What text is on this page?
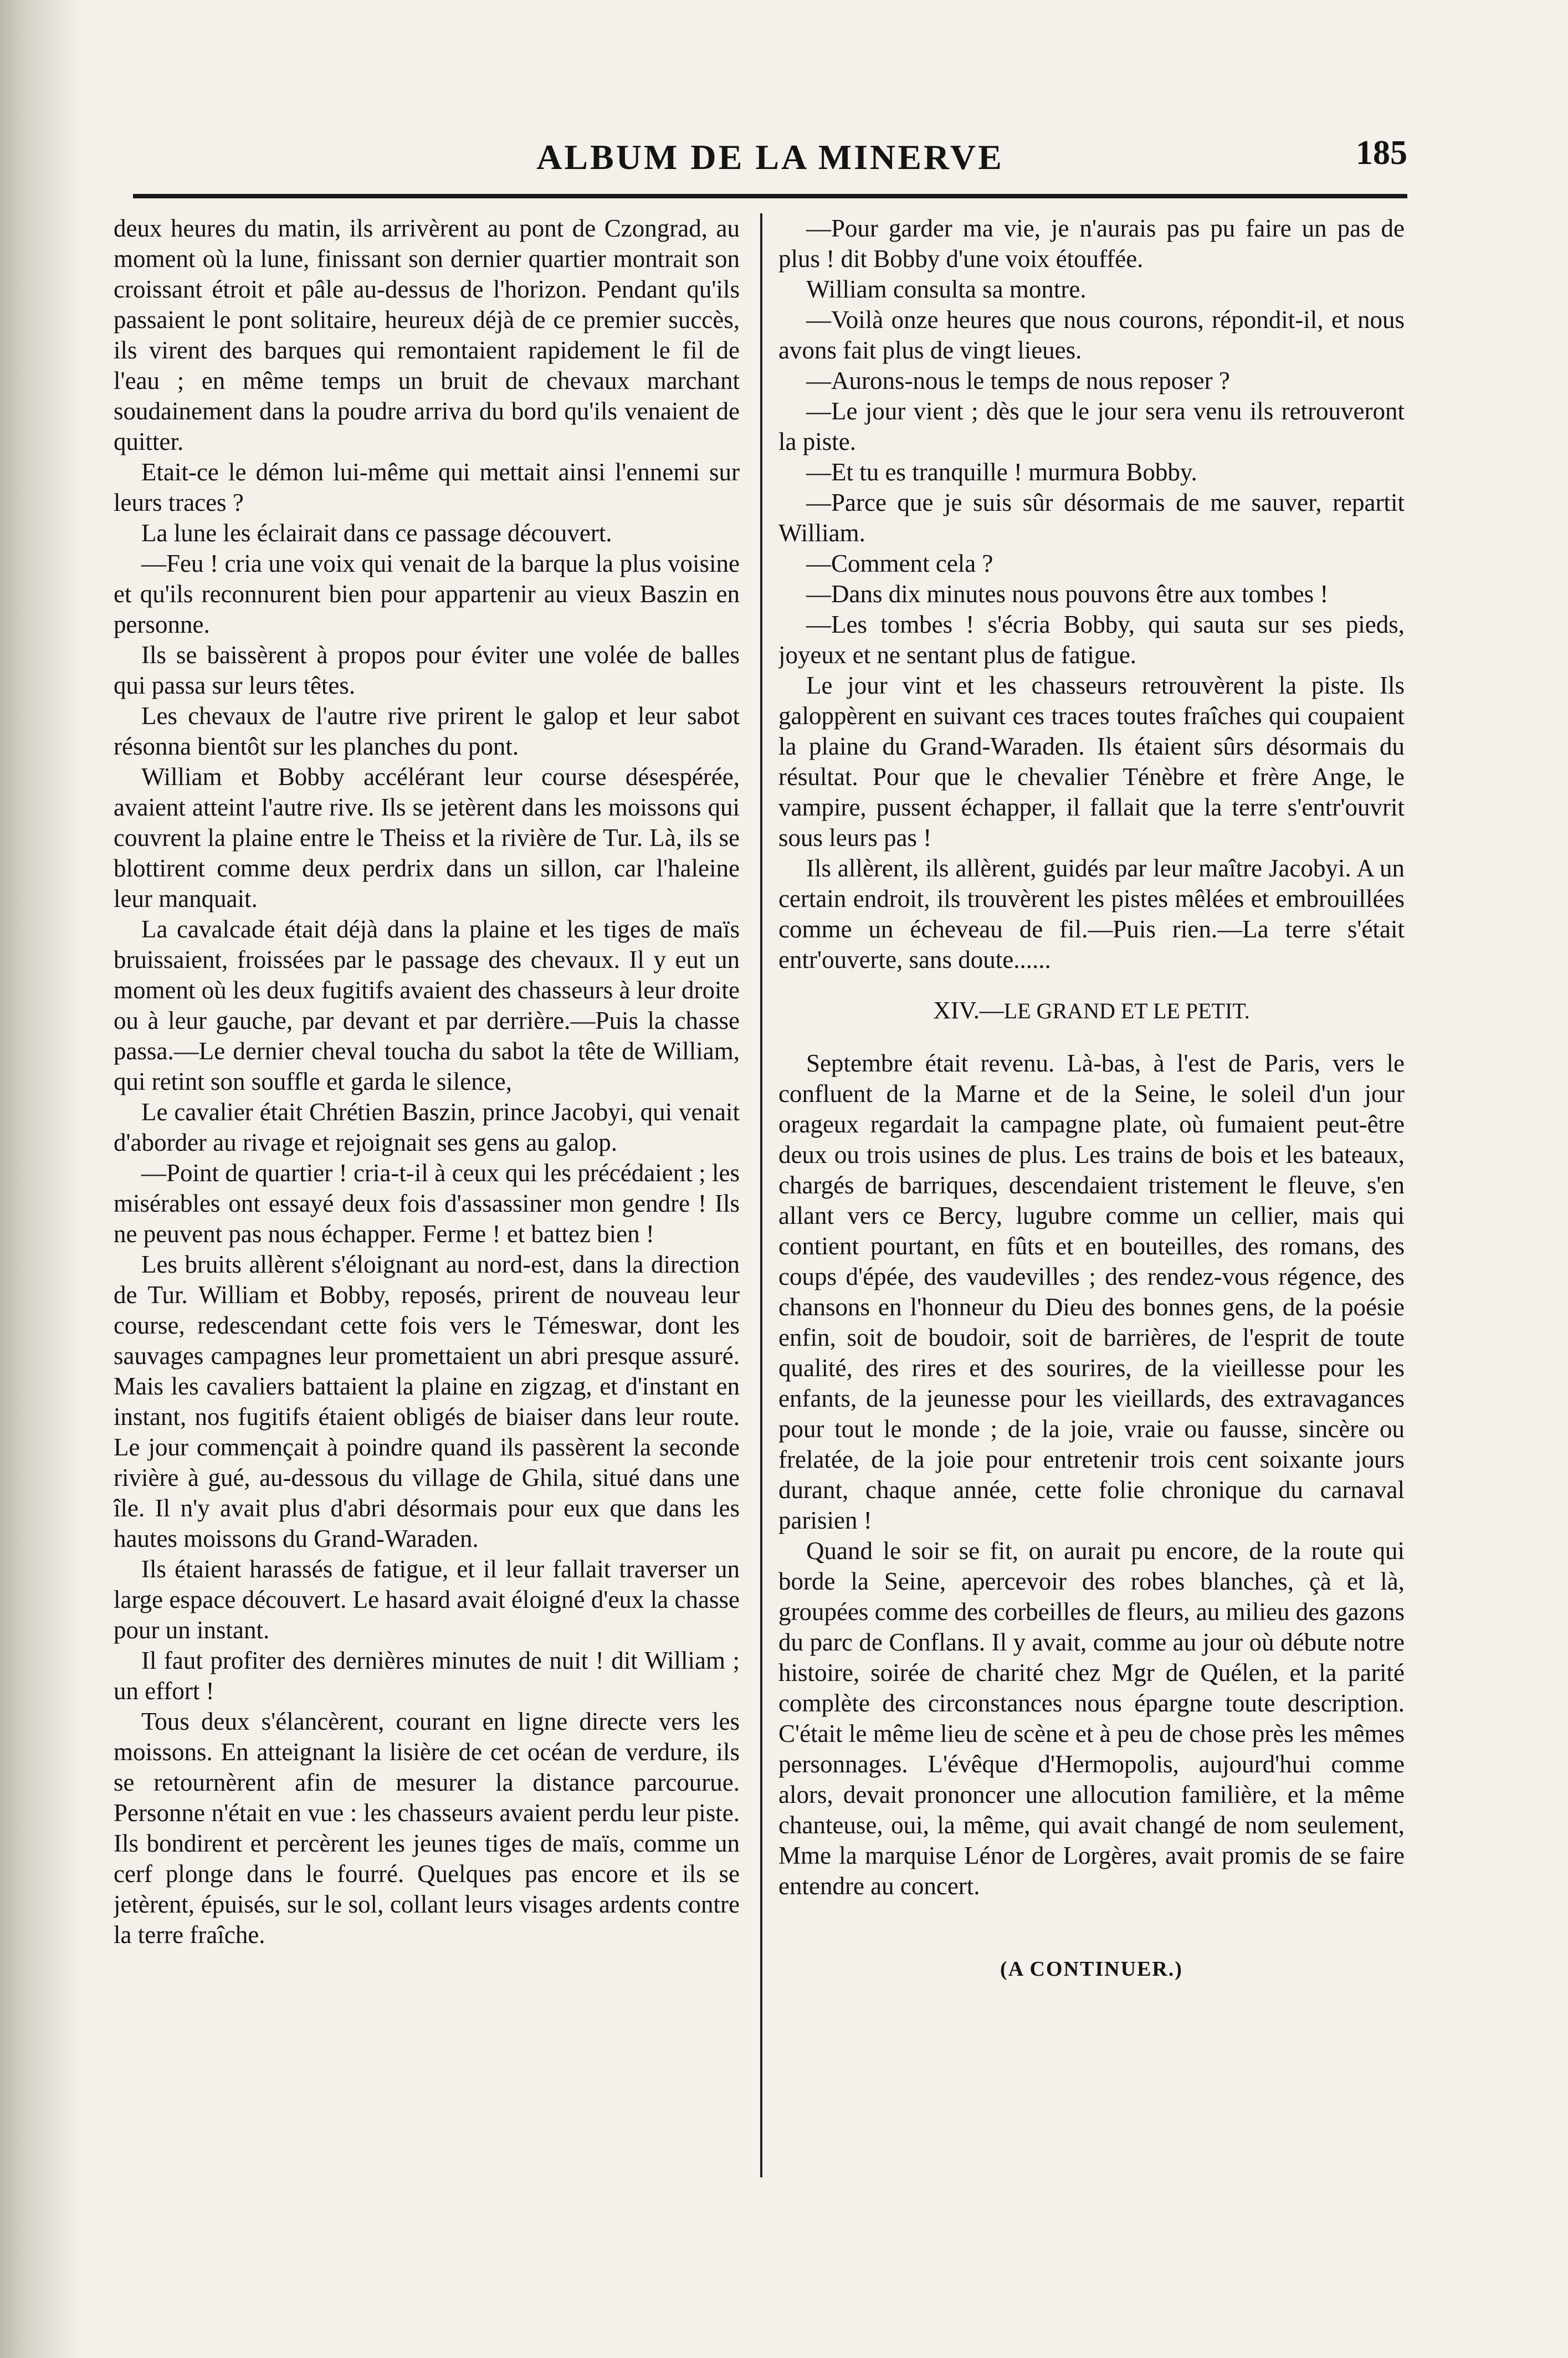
ALBUM DE LA MINERVE	185

deux heures du matin, ils arrivèrent au pont de Czongrad, au moment où la lune, finissant son dernier quartier montrait son croissant étroit et pâle au-dessus de l'horizon. Pendant qu'ils passaient le pont solitaire, heureux déjà de ce premier succès, ils virent des barques qui remontaient rapidement le fil de l'eau ; en même temps un bruit de chevaux marchant soudainement dans la poudre arriva du bord qu'ils venaient de quitter.

Etait-ce le démon lui-même qui mettait ainsi l'ennemi sur leurs traces ?

La lune les éclairait dans ce passage découvert.

—Feu ! cria une voix qui venait de la barque la plus voisine et qu'ils reconnurent bien pour appartenir au vieux Baszin en personne.

Ils se baissèrent à propos pour éviter une volée de balles qui passa sur leurs têtes.

Les chevaux de l'autre rive prirent le galop et leur sabot résonna bientôt sur les planches du pont.

William et Bobby accélérant leur course désespérée, avaient atteint l'autre rive. Ils se jetèrent dans les moissons qui couvrent la plaine entre le Theiss et la rivière de Tur. Là, ils se blottirent comme deux perdrix dans un sillon, car l'haleine leur manquait.

La cavalcade était déjà dans la plaine et les tiges de maïs bruissaient, froissées par le passage des chevaux. Il y eut un moment où les deux fugitifs avaient des chasseurs à leur droite ou à leur gauche, par devant et par derrière.—Puis la chasse passa.—Le dernier cheval toucha du sabot la tête de William, qui retint son souffle et garda le silence,

Le cavalier était Chrétien Baszin, prince Jacobyi, qui venait d'aborder au rivage et rejoignait ses gens au galop.

—Point de quartier ! cria-t-il à ceux qui les précédaient ; les misérables ont essayé deux fois d'assassiner mon gendre ! Ils ne peuvent pas nous échapper. Ferme ! et battez bien !

Les bruits allèrent s'éloignant au nord-est, dans la direction de Tur. William et Bobby, reposés, prirent de nouveau leur course, redescendant cette fois vers le Témeswar, dont les sauvages campagnes leur promettaient un abri presque assuré. Mais les cavaliers battaient la plaine en zigzag, et d'instant en instant, nos fugitifs étaient obligés de biaiser dans leur route. Le jour commençait à poindre quand ils passèrent la seconde rivière à gué, au-dessous du village de Ghila, situé dans une île. Il n'y avait plus d'abri désormais pour eux que dans les hautes moissons du Grand-Waraden.

Ils étaient harassés de fatigue, et il leur fallait traverser un large espace découvert. Le hasard avait éloigné d'eux la chasse pour un instant.

Il faut profiter des dernières minutes de nuit ! dit William ; un effort !

Tous deux s'élancèrent, courant en ligne directe vers les moissons. En atteignant la lisière de cet océan de verdure, ils se retournèrent afin de mesurer la distance parcourue. Personne n'était en vue : les chasseurs avaient perdu leur piste. Ils bondirent et percèrent les jeunes tiges de maïs, comme un cerf plonge dans le fourré. Quelques pas encore et ils se jetèrent, épuisés, sur le sol, collant leurs visages ardents contre la terre fraîche.

—Pour garder ma vie, je n'aurais pas pu faire un pas de plus ! dit Bobby d'une voix étouffée.

William consulta sa montre.

—Voilà onze heures que nous courons, répondit-il, et nous avons fait plus de vingt lieues.

—Aurons-nous le temps de nous reposer ?

—Le jour vient ; dès que le jour sera venu ils retrouveront la piste.

—Et tu es tranquille ! murmura Bobby.

—Parce que je suis sûr désormais de me sauver, repartit William.

—Comment cela ?

—Dans dix minutes nous pouvons être aux tombes !

—Les tombes ! s'écria Bobby, qui sauta sur ses pieds, joyeux et ne sentant plus de fatigue.

Le jour vint et les chasseurs retrouvèrent la piste. Ils galoppèrent en suivant ces traces toutes fraîches qui coupaient la plaine du Grand-Waraden. Ils étaient sûrs désormais du résultat. Pour que le chevalier Ténèbre et frère Ange, le vampire, pussent échapper, il fallait que la terre s'entr'ouvrit sous leurs pas !

Ils allèrent, ils allèrent, guidés par leur maître Jacobyi. A un certain endroit, ils trouvèrent les pistes mêlées et embrouillées comme un écheveau de fil.—Puis rien.—La terre s'était entr'ouverte, sans doute......

XIV.—LE GRAND ET LE PETIT.

Septembre était revenu. Là-bas, à l'est de Paris, vers le confluent de la Marne et de la Seine, le soleil d'un jour orageux regardait la campagne plate, où fumaient peut-être deux ou trois usines de plus. Les trains de bois et les bateaux, chargés de barriques, descendaient tristement le fleuve, s'en allant vers ce Bercy, lugubre comme un cellier, mais qui contient pourtant, en fûts et en bouteilles, des romans, des coups d'épée, des vaudevilles ; des rendez-vous régence, des chansons en l'honneur du Dieu des bonnes gens, de la poésie enfin, soit de boudoir, soit de barrières, de l'esprit de toute qualité, des rires et des sourires, de la vieillesse pour les enfants, de la jeunesse pour les vieillards, des extravagances pour tout le monde ; de la joie, vraie ou fausse, sincère ou frelatée, de la joie pour entretenir trois cent soixante jours durant, chaque année, cette folie chronique du carnaval parisien !

Quand le soir se fit, on aurait pu encore, de la route qui borde la Seine, apercevoir des robes blanches, çà et là, groupées comme des corbeilles de fleurs, au milieu des gazons du parc de Conflans. Il y avait, comme au jour où débute notre histoire, soirée de charité chez Mgr de Quélen, et la parité complète des circonstances nous épargne toute description. C'était le même lieu de scène et à peu de chose près les mêmes personnages. L'évêque d'Hermopolis, aujourd'hui comme alors, devait prononcer une allocution familière, et la même chanteuse, oui, la même, qui avait changé de nom seulement, Mme la marquise Lénor de Lorgères, avait promis de se faire entendre au concert.

(A CONTINUER.)
